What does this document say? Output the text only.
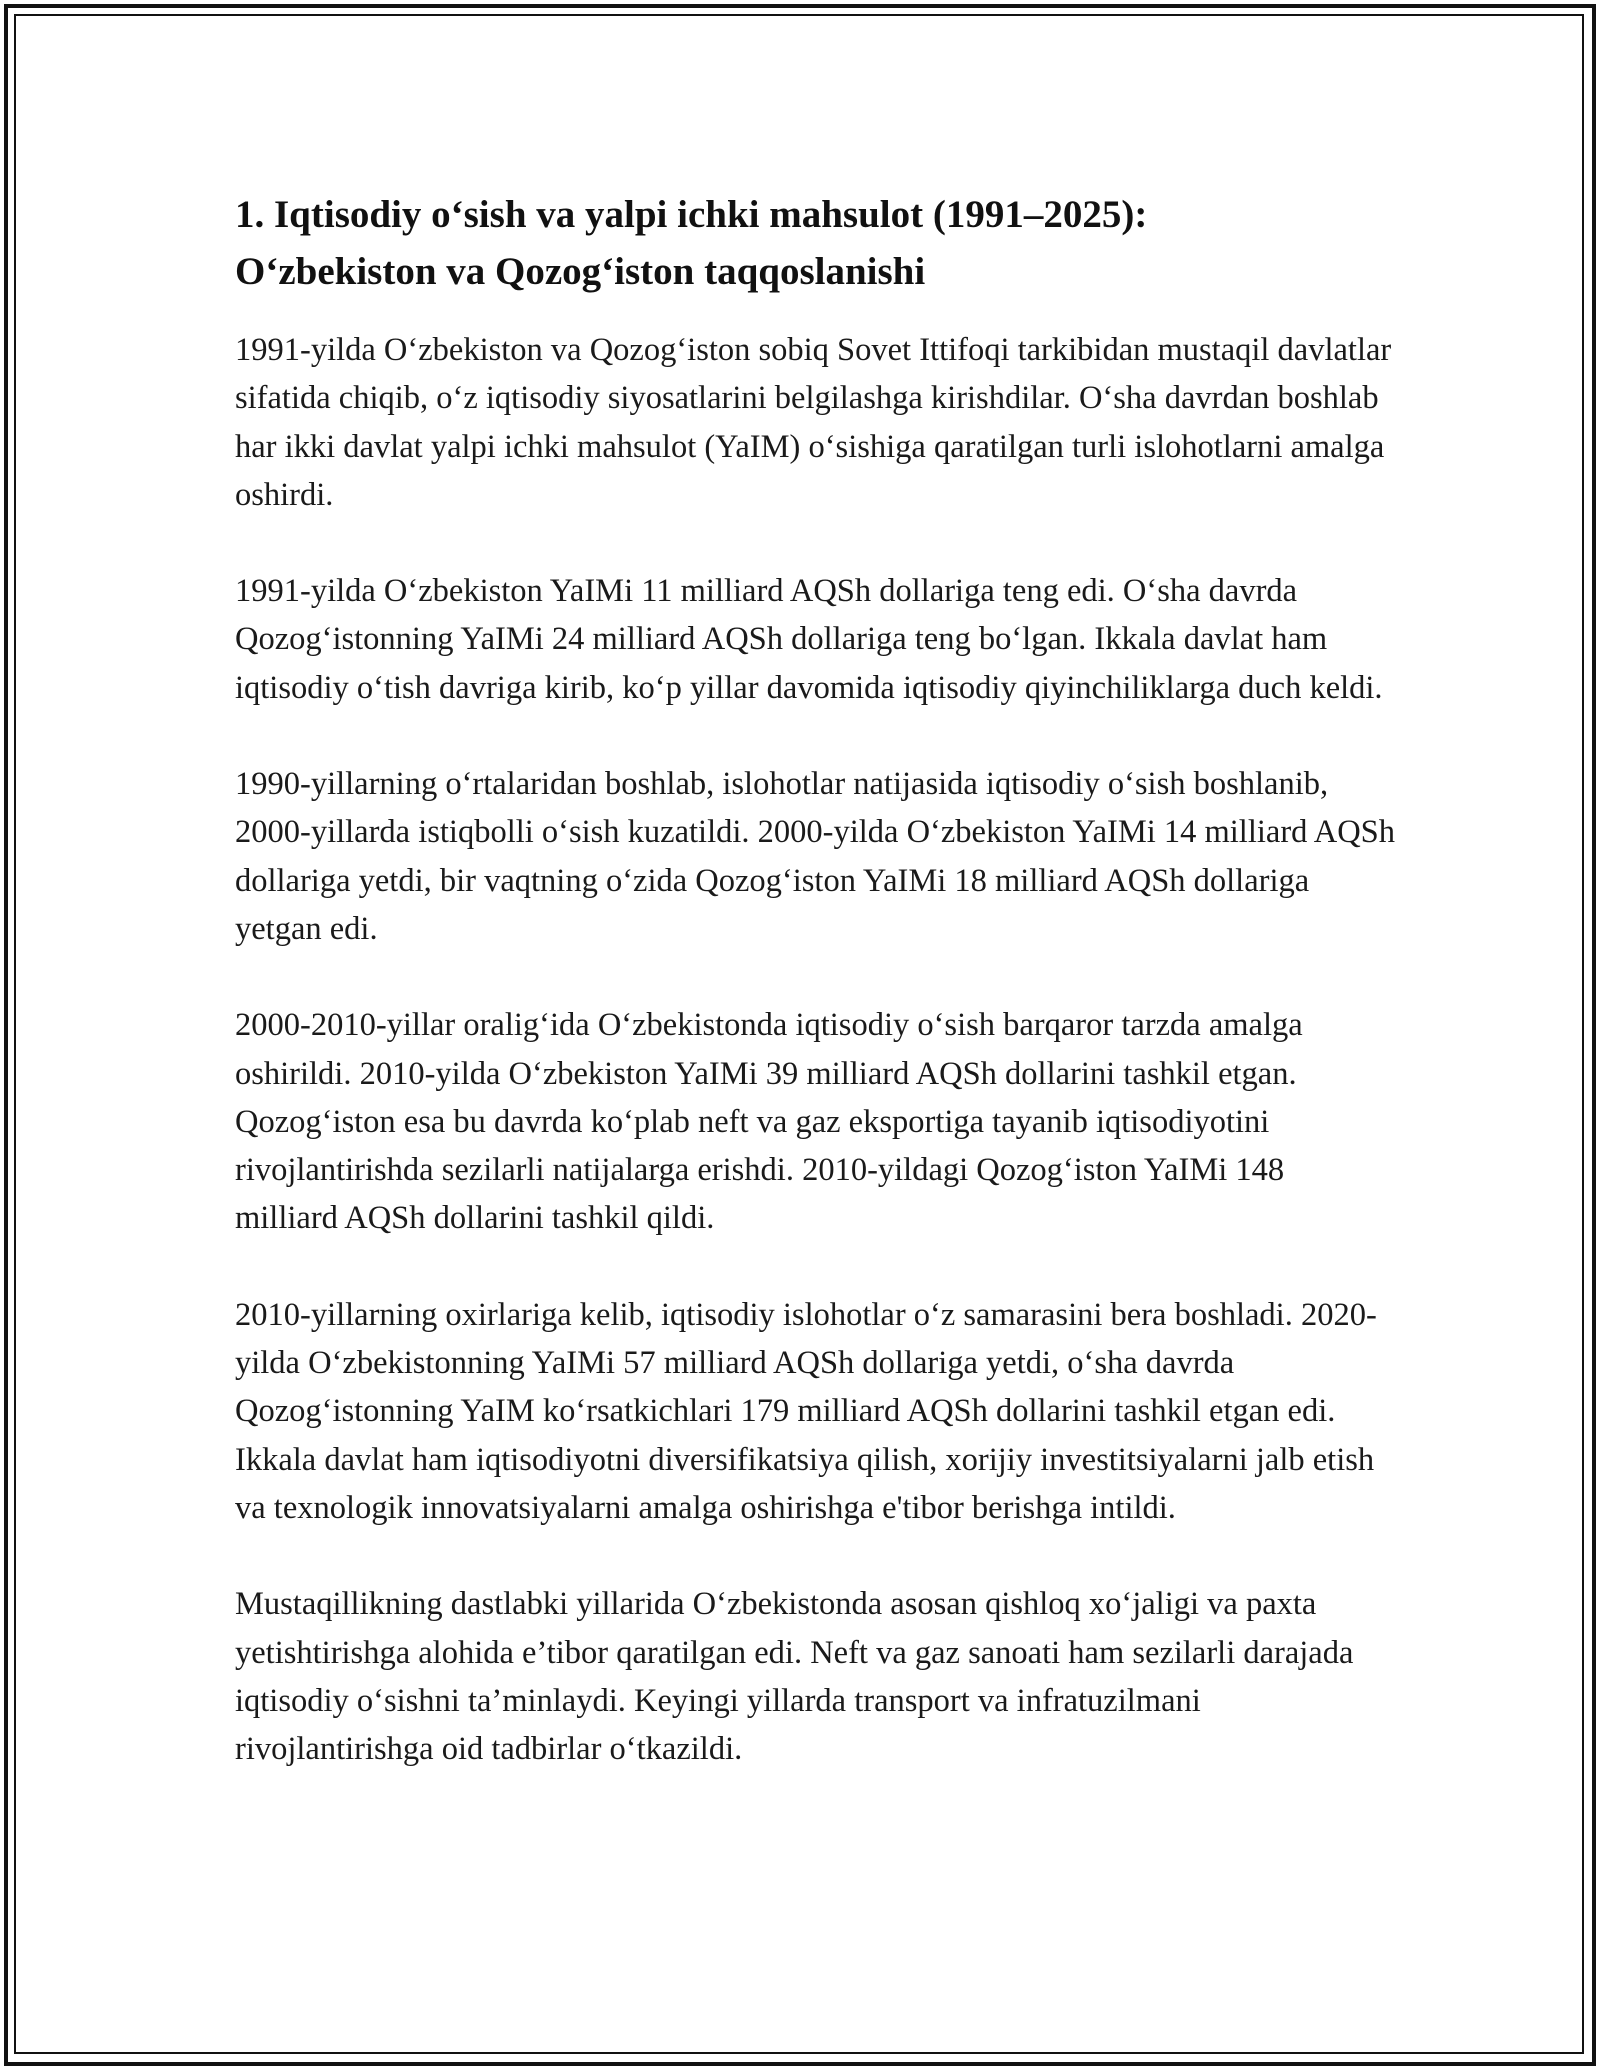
1. Iqtisodiy o‘sish va yalpi ichki mahsulot (1991–2025):
O‘zbekiston va Qozog‘iston taqqoslanishi

1991-yilda O‘zbekiston va Qozog‘iston sobiq Sovet Ittifoqi tarkibidan mustaqil davlatlar sifatida chiqib, o‘z iqtisodiy siyosatlarini belgilashga kirishdilar. O‘sha davrdan boshlab har ikki davlat yalpi ichki mahsulot (YaIM) o‘sishiga qaratilgan turli islohotlarni amalga oshirdi.

1991-yilda O‘zbekiston YaIMi 11 milliard AQSh dollariga teng edi. O‘sha davrda Qozog‘istonning YaIMi 24 milliard AQSh dollariga teng bo‘lgan. Ikkala davlat ham iqtisodiy o‘tish davriga kirib, ko‘p yillar davomida iqtisodiy qiyinchiliklarga duch keldi.

1990-yillarning o‘rtalaridan boshlab, islohotlar natijasida iqtisodiy o‘sish boshlanib, 2000-yillarda istiqbolli o‘sish kuzatildi. 2000-yilda O‘zbekiston YaIMi 14 milliard AQSh dollariga yetdi, bir vaqtning o‘zida Qozog‘iston YaIMi 18 milliard AQSh dollariga yetgan edi.

2000-2010-yillar oralig‘ida O‘zbekistonda iqtisodiy o‘sish barqaror tarzda amalga oshirildi. 2010-yilda O‘zbekiston YaIMi 39 milliard AQSh dollarini tashkil etgan. Qozog‘iston esa bu davrda ko‘plab neft va gaz eksportiga tayanib iqtisodiyotini rivojlantirishda sezilarli natijalarga erishdi. 2010-yildagi Qozog‘iston YaIMi 148 milliard AQSh dollarini tashkil qildi.

2010-yillarning oxirlariga kelib, iqtisodiy islohotlar o‘z samarasini bera boshladi. 2020-yilda O‘zbekistonning YaIMi 57 milliard AQSh dollariga yetdi, o‘sha davrda Qozog‘istonning YaIM ko‘rsatkichlari 179 milliard AQSh dollarini tashkil etgan edi. Ikkala davlat ham iqtisodiyotni diversifikatsiya qilish, xorijiy investitsiyalarni jalb etish va texnologik innovatsiyalarni amalga oshirishga e'tibor berishga intildi.

Mustaqillikning dastlabki yillarida O‘zbekistonda asosan qishloq xo‘jaligi va paxta yetishtirishga alohida e’tibor qaratilgan edi. Neft va gaz sanoati ham sezilarli darajada iqtisodiy o‘sishni ta’minlaydi. Keyingi yillarda transport va infratuzilmani rivojlantirishga oid tadbirlar o‘tkazildi.
